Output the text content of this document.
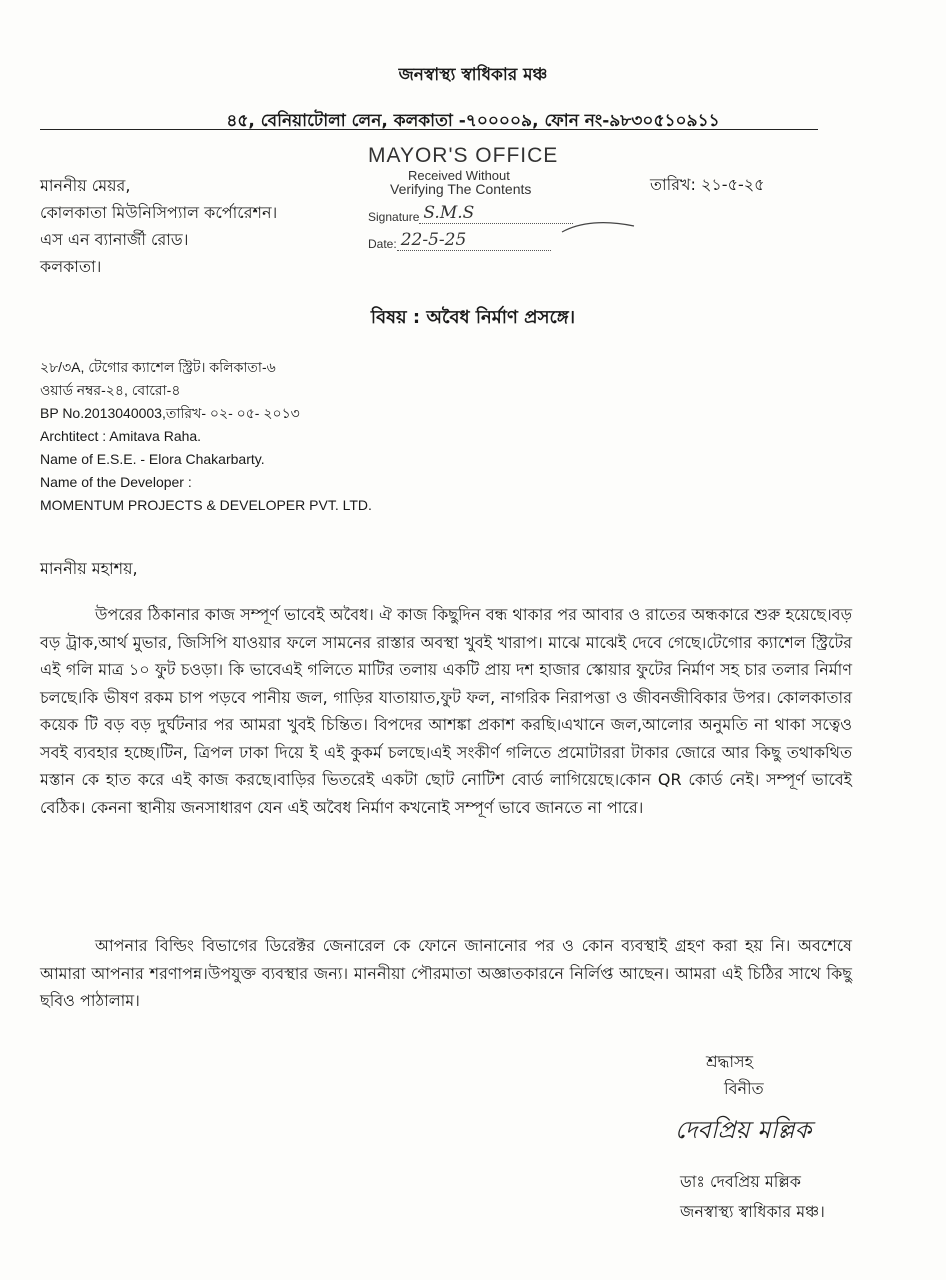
জনস্বাস্থ্য স্বাধিকার মঞ্চ
৪৫, বেনিয়াটোলা লেন, কলকাতা -৭০০০০৯, ফোন নং-৯৮৩০৫১০৯১১
মাননীয় মেয়র,
কোলকাতা মিউনিসিপ্যাল কর্পোরেশন।
এস এন ব্যানার্জী রোড।
কলকাতা।
MAYOR'S OFFICE
Received Without
Verifying The Contents
Signature S.M.S
Date: 22-5-25
তারিখ: ২১-৫-২৫
বিষয় : অবৈধ নির্মাণ প্রসঙ্গে।
২৮/৩A, টেগোর ক্যাশেল স্ট্রিট। কলিকাতা-৬
ওয়ার্ড নম্বর-২৪, বোরো-৪
BP No.2013040003,তারিখ- ০২- ০৫- ২০১৩
Archtitect : Amitava Raha.
Name of E.S.E. - Elora Chakarbarty.
Name of the Developer :
MOMENTUM PROJECTS & DEVELOPER PVT. LTD.
মাননীয় মহাশয়,

উপরের ঠিকানার কাজ সম্পূর্ণ ভাবেই অবৈধ। ঐ কাজ কিছুদিন বন্ধ থাকার পর আবার ও রাতের অন্ধকারে শুরু হয়েছে।বড় বড় ট্রাক,আর্থ মুভার, জিসিপি যাওয়ার ফলে সামনের রাস্তার অবস্থা খুবই খারাপ। মাঝে মাঝেই দেবে গেছে।টেগোর ক্যাশেল স্ট্রিটের এই গলি মাত্র ১০ ফুট চওড়া। কি ভাবেএই গলিতে মাটির তলায় একটি প্রায় দশ হাজার স্কোয়ার ফুটের নির্মাণ সহ চার তলার নির্মাণ চলছে।কি ভীষণ রকম চাপ পড়বে পানীয় জল, গাড়ির যাতায়াত,ফুট ফল, নাগরিক নিরাপত্তা ও জীবনজীবিকার উপর। কোলকাতার কয়েক টি বড় বড় দুর্ঘটনার পর আমরা খুবই চিন্তিত। বিপদের আশঙ্কা প্রকাশ করছি।এখানে জল,আলোর অনুমতি না থাকা সত্বেও সবই ব্যবহার হচ্ছে।টিন, ত্রিপল ঢাকা দিয়ে ই এই কুকর্ম চলছে।এই সংকীর্ণ গলিতে প্রমোটাররা টাকার জোরে আর কিছু তথাকথিত মস্তান কে হাত করে এই কাজ করছে।বাড়ির ভিতরেই একটা ছোট নোটিশ বোর্ড লাগিয়েছে।কোন QR কোর্ড নেই। সম্পূর্ণ ভাবেই বেঠিক। কেননা স্থানীয় জনসাধারণ যেন এই অবৈধ নির্মাণ কখনোই সম্পূর্ণ ভাবে জানতে না পারে।

আপনার বিল্ডিং বিভাগের ডিরেক্টর জেনারেল কে ফোনে জানানোর পর ও কোন ব্যবস্থাই গ্রহণ করা হয় নি। অবশেষে আমারা আপনার শরণাপন্ন।উপযুক্ত ব্যবস্থার জন্য। মাননীয়া পৌরমাতা অজ্ঞাতকারনে নির্লিপ্ত আছেন। আমরা এই চিঠির সাথে কিছু ছবিও পাঠালাম।

শ্রদ্ধাসহ
বিনীত
দেবপ্রিয় মল্লিক
ডাঃ দেবপ্রিয় মল্লিক
জনস্বাস্থ্য স্বাধিকার মঞ্চ।
